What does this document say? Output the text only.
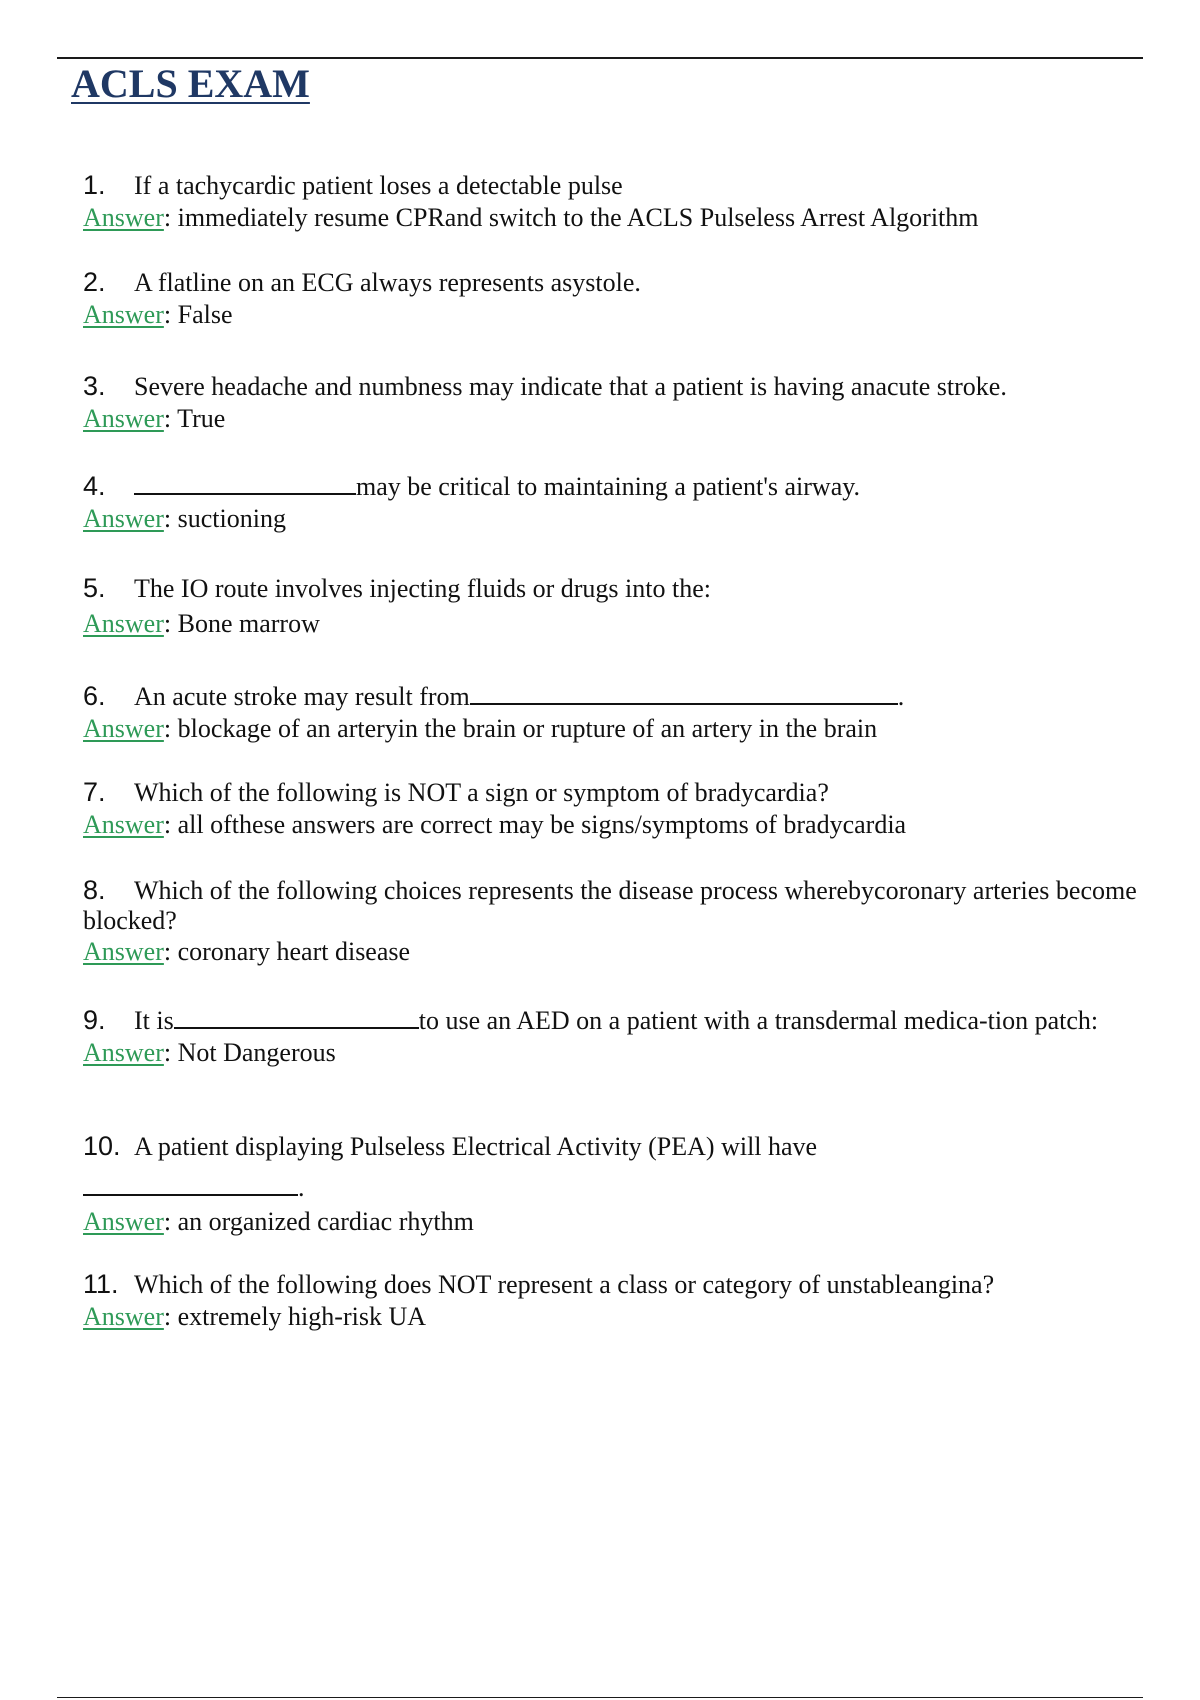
ACLS EXAM

1. If a tachycardic patient loses a detectable pulse

Answer: immediately resume CPRand switch to the ACLS Pulseless Arrest Algorithm

2. A flatline on an ECG always represents asystole.

Answer: False

3. Severe headache and numbness may indicate that a patient is having anacute stroke.

Answer: True

4.	may be critical to maintaining a patient's airway.

Answer: suctioning

5. The IO route involves injecting fluids or drugs into the:

Answer: Bone marrow

6. An acute stroke may result from	.

Answer: blockage of an arteryin the brain or rupture of an artery in the brain

7. Which of the following is NOT a sign or symptom of bradycardia?

Answer: all ofthese answers are correct may be signs/symptoms of bradycardia

8. Which of the following choices represents the disease process wherebycoronary arteries become blocked?

Answer: coronary heart disease

9. It is	to use an AED on a patient with a transdermal medica-tion patch:

Answer: Not Dangerous

10. A patient displaying Pulseless Electrical Activity (PEA) will have

.

Answer: an organized cardiac rhythm

11. Which of the following does NOT represent a class or category of unstableangina?

Answer: extremely high-risk UA
